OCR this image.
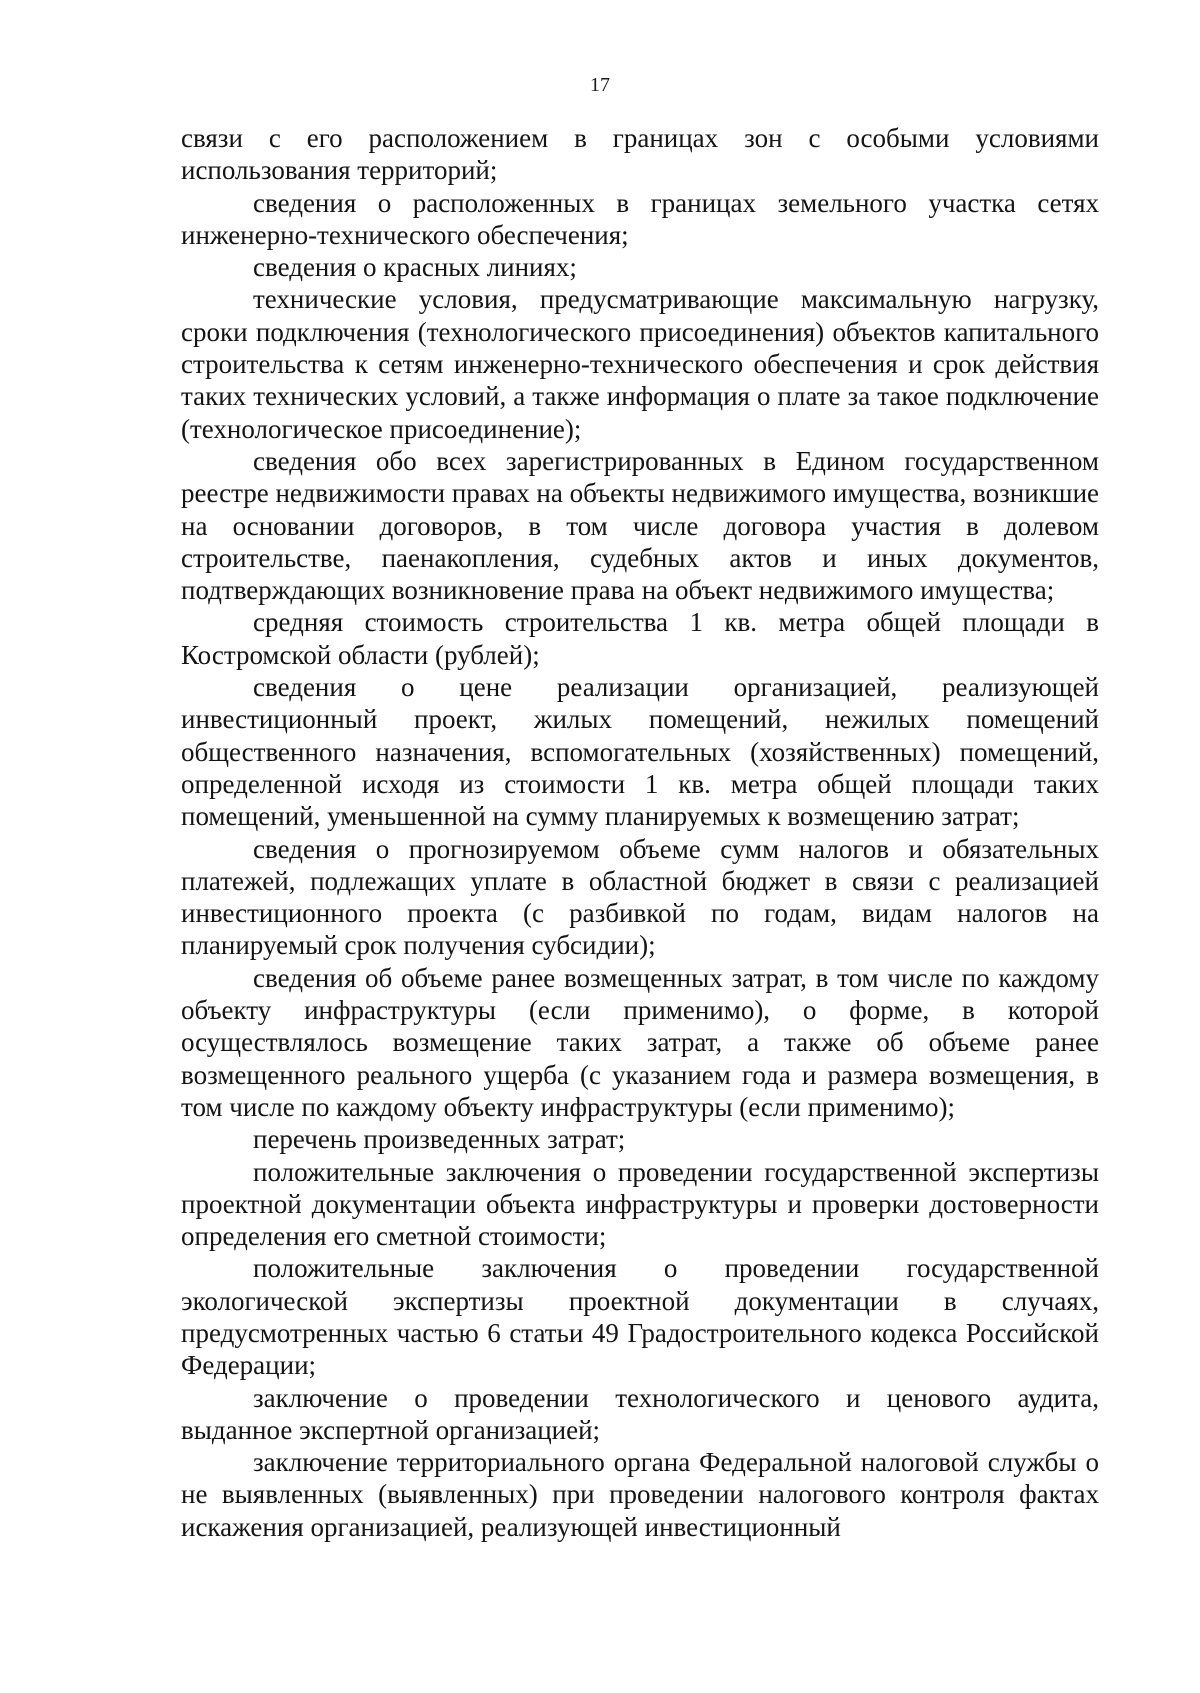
17

связи с его расположением в границах зон с особыми условиями использования территорий;

сведения о расположенных в границах земельного участка сетях инженерно-технического обеспечения;

сведения о красных линиях;

технические условия, предусматривающие максимальную нагрузку, сроки подключения (технологического присоединения) объектов капитального строительства к сетям инженерно-технического обеспечения и срок действия таких технических условий, а также информация о плате за такое подключение (технологическое присоединение);

сведения обо всех зарегистрированных в Едином государственном реестре недвижимости правах на объекты недвижимого имущества, возникшие на основании договоров, в том числе договора участия в долевом строительстве, паенакопления, судебных актов и иных документов, подтверждающих возникновение права на объект недвижимого имущества;

средняя стоимость строительства 1 кв. метра общей площади в Костромской области (рублей);

сведения о цене реализации организацией, реализующей инвестиционный проект, жилых помещений, нежилых помещений общественного назначения, вспомогательных (хозяйственных) помещений, определенной исходя из стоимости 1 кв. метра общей площади таких помещений, уменьшенной на сумму планируемых к возмещению затрат;

сведения о прогнозируемом объеме сумм налогов и обязательных платежей, подлежащих уплате в областной бюджет в связи с реализацией инвестиционного проекта (с разбивкой по годам, видам налогов на планируемый срок получения субсидии);

сведения об объеме ранее возмещенных затрат, в том числе по каждому объекту инфраструктуры (если применимо), о форме, в которой осуществлялось возмещение таких затрат, а также об объеме ранее возмещенного реального ущерба (с указанием года и размера возмещения, в том числе по каждому объекту инфраструктуры (если применимо);

перечень произведенных затрат;

положительные заключения о проведении государственной экспертизы проектной документации объекта инфраструктуры и проверки достоверности определения его сметной стоимости;

положительные заключения о проведении государственной экологической экспертизы проектной документации в случаях, предусмотренных частью 6 статьи 49 Градостроительного кодекса Российской Федерации;

заключение о проведении технологического и ценового аудита, выданное экспертной организацией;

заключение территориального органа Федеральной налоговой службы о не выявленных (выявленных) при проведении налогового контроля фактах искажения организацией, реализующей инвестиционный
